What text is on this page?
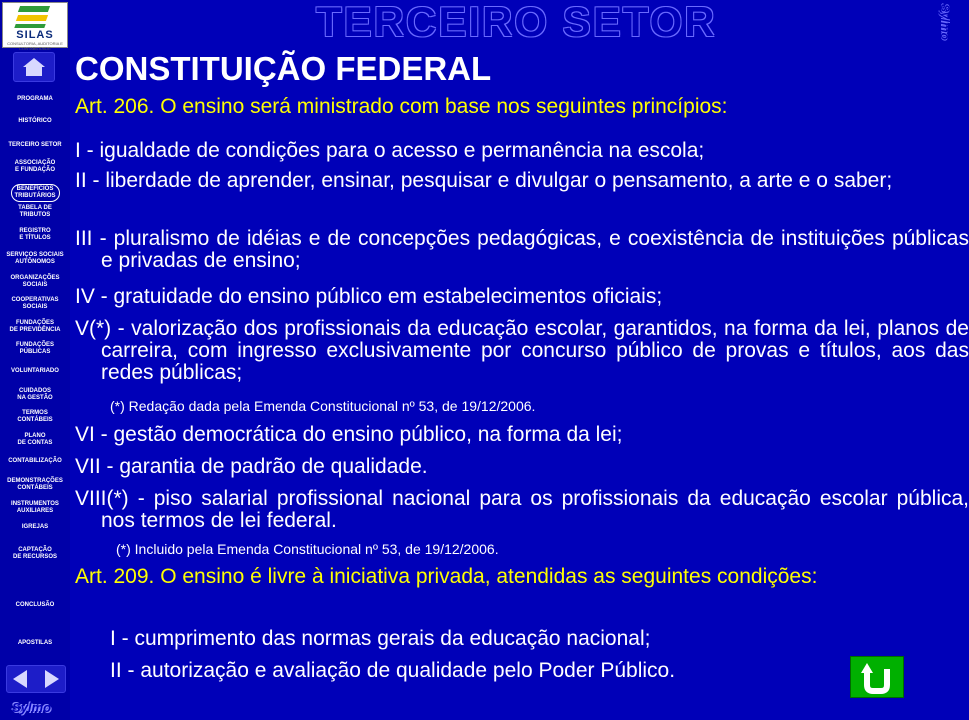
SILAS
CONSULTORIA, AUDITORIA E CONTABILIDADE
PROGRAMA
HISTÓRICO
TERCEIRO SETOR
ASSOCIAÇÃO
E FUNDAÇÃO
BENEFÍCIOS
TRIBUTÁRIOS
TABELA DE
TRIBUTOS
REGISTRO
E TÍTULOS
SERVIÇOS SOCIAIS
AUTÔNOMOS
ORGANIZAÇÕES
SOCIAIS
COOPERATIVAS
SOCIAIS
FUNDAÇÕES
DE PREVIDÊNCIA
FUNDAÇÕES
PÚBLICAS
VOLUNTARIADO
CUIDADOS
NA GESTÃO
TERMOS
CONTÁBEIS
PLANO
DE CONTAS
CONTABILIZAÇÃO
DEMONSTRAÇÕES
CONTÁBEIS
INSTRUMENTOS
AUXILIARES
IGREJAS
CAPTAÇÃO
DE RECURSOS
CONCLUSÃO
APOSTILAS
Sylmo
TERCEIRO SETOR	Sylmo
CONSTITUIÇÃO FEDERAL
Art. 206. O ensino será ministrado com base nos seguintes princípios:
I - igualdade de condições para o acesso e permanência na escola;
II - liberdade de aprender, ensinar, pesquisar e divulgar o pensamento, a arte e o saber;
III - pluralismo de idéias e de concepções pedagógicas, e coexistência de instituições públicas e privadas de ensino;
IV - gratuidade do ensino público em estabelecimentos oficiais;
V(*) - valorização dos profissionais da educação escolar, garantidos, na forma da lei, planos de carreira, com ingresso exclusivamente por concurso público de provas e títulos, aos das redes públicas;
(*) Redação dada pela Emenda Constitucional nº 53, de 19/12/2006.
VI - gestão democrática do ensino público, na forma da lei;
VII - garantia de padrão de qualidade.
VIII(*) - piso salarial profissional nacional para os profissionais da educação escolar pública, nos termos de lei federal.
(*) Incluido pela Emenda Constitucional nº 53, de 19/12/2006.
Art. 209. O ensino é livre à iniciativa privada, atendidas as seguintes condições:
I - cumprimento das normas gerais da educação nacional;
II - autorização e avaliação de qualidade pelo Poder Público.
